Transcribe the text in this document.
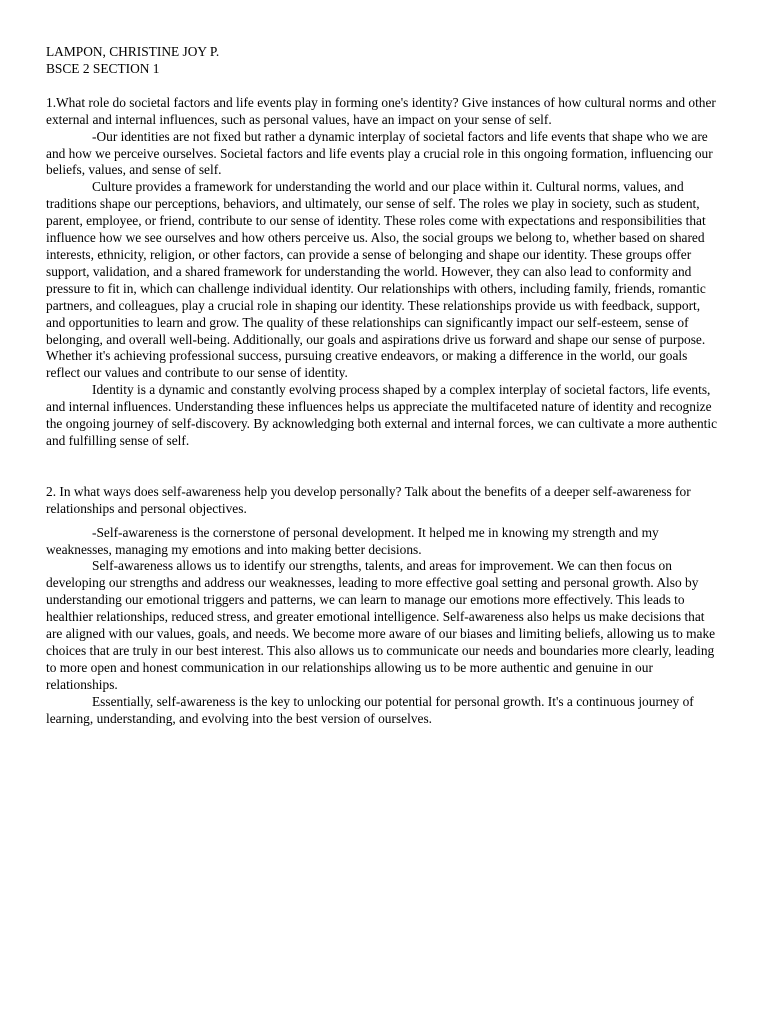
LAMPON, CHRISTINE JOY P.
BSCE 2 SECTION 1

1.What role do societal factors and life events play in forming one's identity? Give instances of how cultural norms and other external and internal influences, such as personal values, have an impact on your sense of self.

-Our identities are not fixed but rather a dynamic interplay of societal factors and life events that shape who we are and how we perceive ourselves. Societal factors and life events play a crucial role in this ongoing formation, influencing our beliefs, values, and sense of self.

Culture provides a framework for understanding the world and our place within it. Cultural norms, values, and traditions shape our perceptions, behaviors, and ultimately, our sense of self. The roles we play in society, such as student, parent, employee, or friend, contribute to our sense of identity. These roles come with expectations and responsibilities that influence how we see ourselves and how others perceive us. Also, the social groups we belong to, whether based on shared interests, ethnicity, religion, or other factors, can provide a sense of belonging and shape our identity. These groups offer support, validation, and a shared framework for understanding the world. However, they can also lead to conformity and pressure to fit in, which can challenge individual identity. Our relationships with others, including family, friends, romantic partners, and colleagues, play a crucial role in shaping our identity. These relationships provide us with feedback, support, and opportunities to learn and grow. The quality of these relationships can significantly impact our self-esteem, sense of belonging, and overall well-being. Additionally, our goals and aspirations drive us forward and shape our sense of purpose. Whether it's achieving professional success, pursuing creative endeavors, or making a difference in the world, our goals reflect our values and contribute to our sense of identity.

Identity is a dynamic and constantly evolving process shaped by a complex interplay of societal factors, life events, and internal influences. Understanding these influences helps us appreciate the multifaceted nature of identity and recognize the ongoing journey of self-discovery. By acknowledging both external and internal forces, we can cultivate a more authentic and fulfilling sense of self.

2. In what ways does self-awareness help you develop personally? Talk about the benefits of a deeper self-awareness for relationships and personal objectives.

-Self-awareness is the cornerstone of personal development. It helped me in knowing my strength and my weaknesses, managing my emotions and into making better decisions.

Self-awareness allows us to identify our strengths, talents, and areas for improvement. We can then focus on developing our strengths and address our weaknesses, leading to more effective goal setting and personal growth. Also by understanding our emotional triggers and patterns, we can learn to manage our emotions more effectively. This leads to healthier relationships, reduced stress, and greater emotional intelligence. Self-awareness also helps us make decisions that are aligned with our values, goals, and needs. We become more aware of our biases and limiting beliefs, allowing us to make choices that are truly in our best interest. This also allows us to communicate our needs and boundaries more clearly, leading to more open and honest communication in our relationships allowing us to be more authentic and genuine in our relationships.

Essentially, self-awareness is the key to unlocking our potential for personal growth. It's a continuous journey of learning, understanding, and evolving into the best version of ourselves.
